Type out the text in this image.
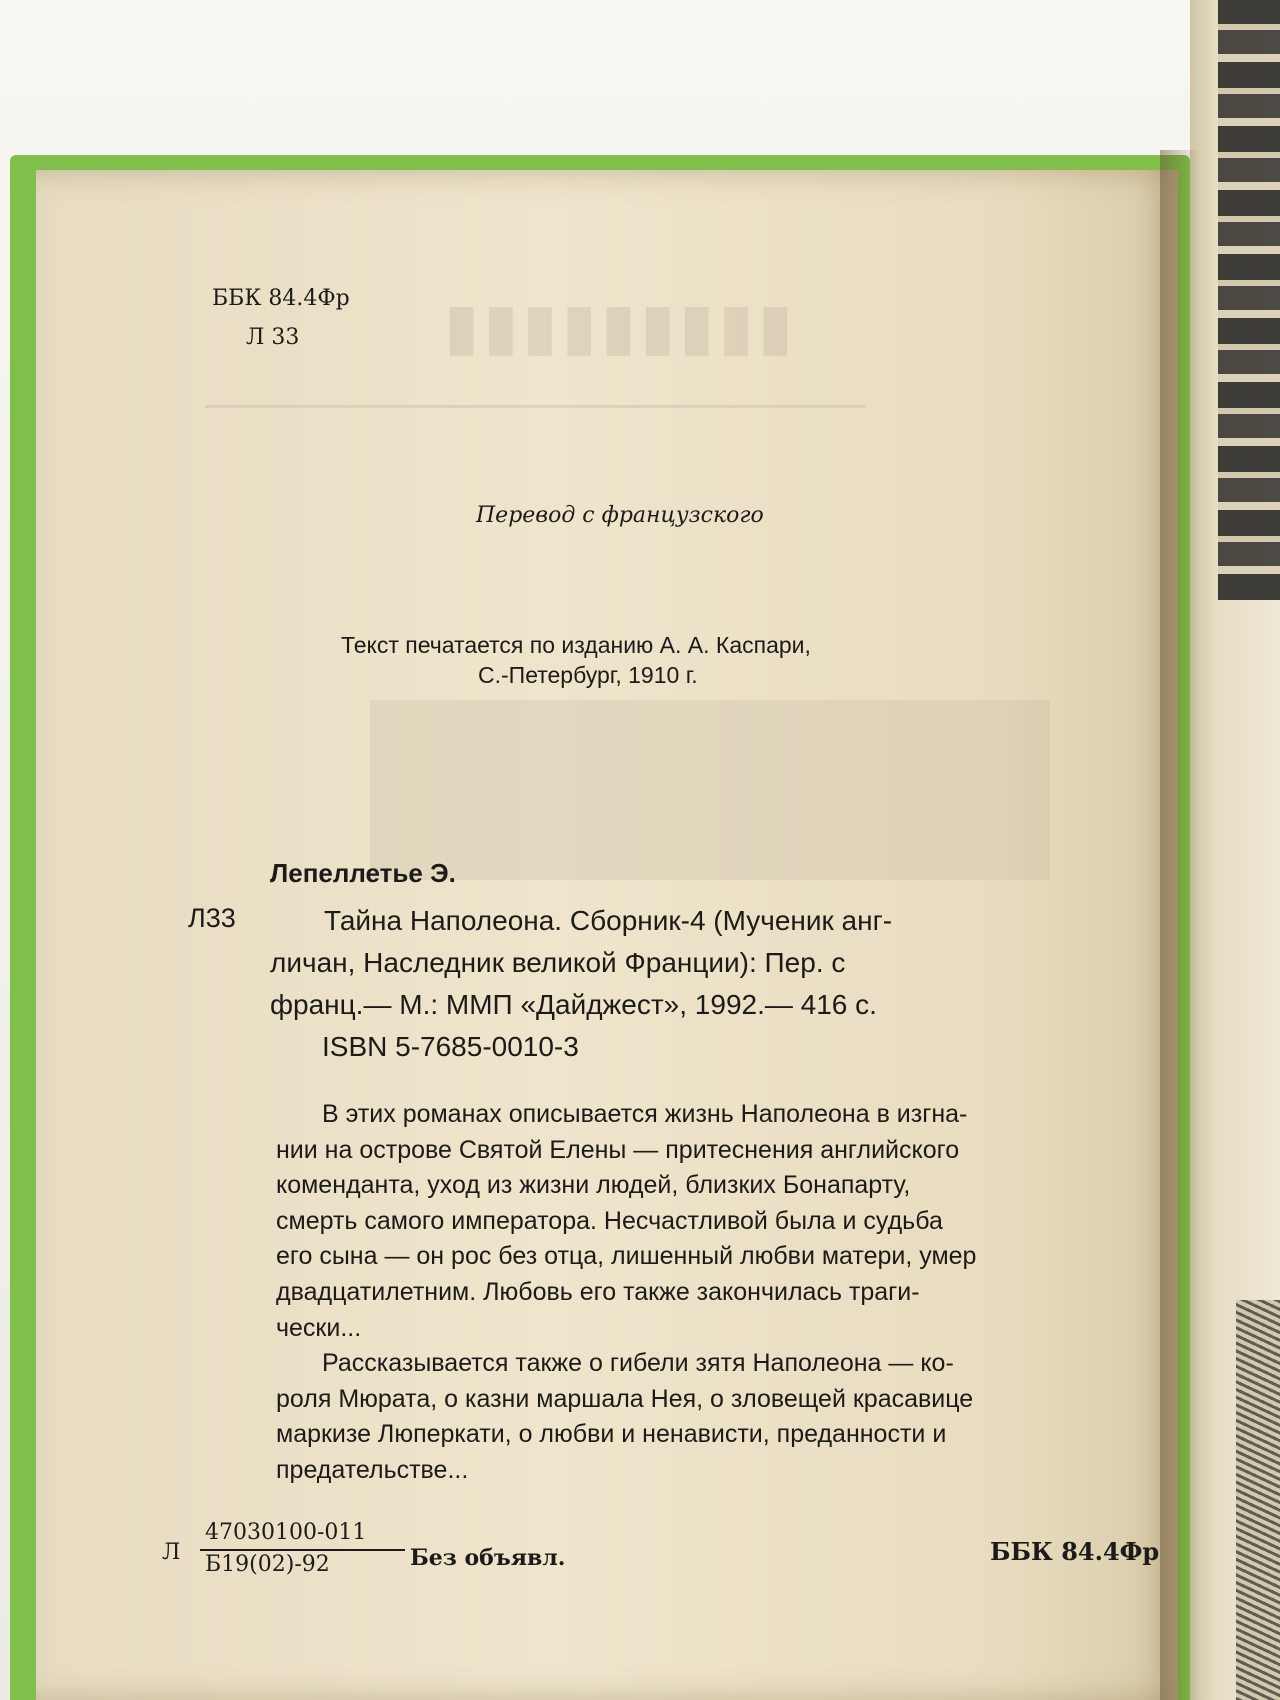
▮▮▮▮▮▮▮▮▮
ББК 84.4Фр
Л 33
Перевод с французского
Текст печатается по изданию А. А. Каспари,
С.-Петербург, 1910 г.
Лепеллетье Э.
Л33	Тайна Наполеона. Сборник-4 (Мученик анг-
личан, Наследник великой Франции): Пер. с
франц.— М.: ММП «Дайджест», 1992.— 416 с.
ISBN 5-7685-0010-3
В этих романах описывается жизнь Наполеона в изгна-
нии на острове Святой Елены — притеснения английского
коменданта, уход из жизни людей, близких Бонапарту,
смерть самого императора. Несчастливой была и судьба
его сына — он рос без отца, лишенный любви матери, умер
двадцатилетним. Любовь его также закончилась траги-
чески...
Рассказывается также о гибели зятя Наполеона — ко-
роля Мюрата, о казни маршала Нея, о зловещей красавице
маркизе Люперкати, о любви и ненависти, преданности и
предательстве...
Л
47030100-011
Б19(02)-92	Без объявл.	ББК 84.4Фр
